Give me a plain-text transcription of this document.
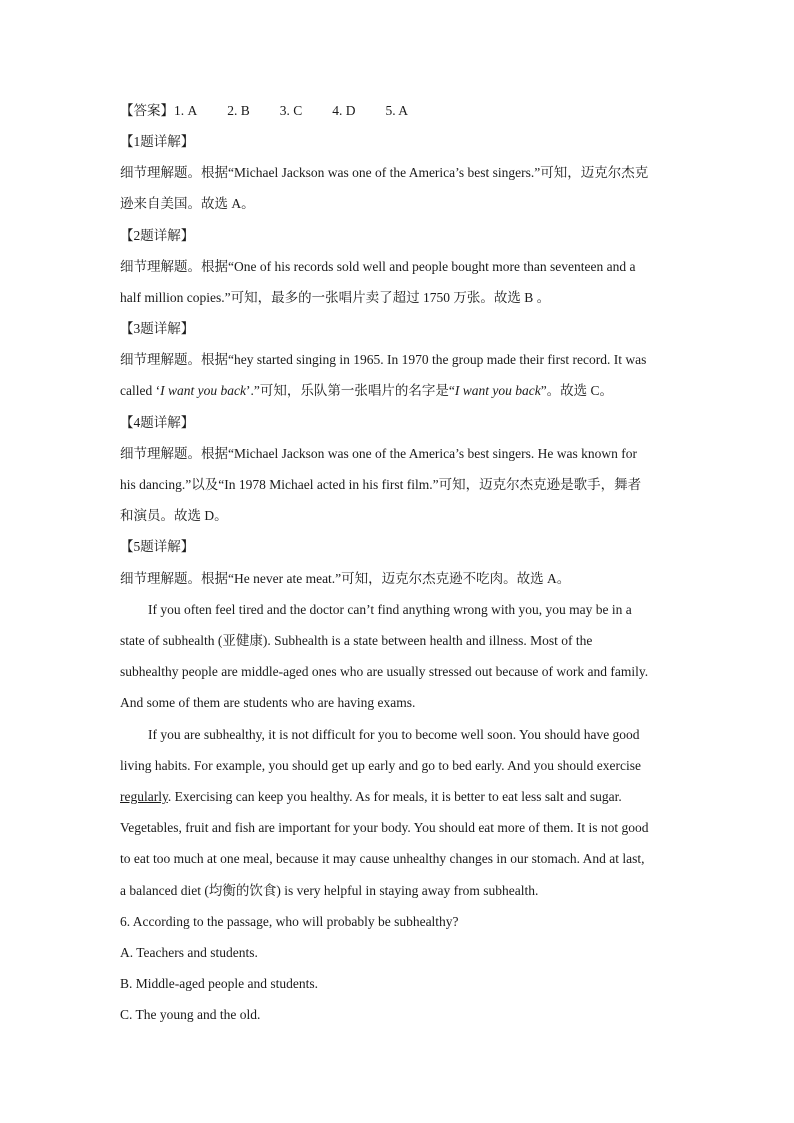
【答案】1. A 2. B 3. C 4. D 5. A
【1题详解】
细节理解题。根据“Michael Jackson was one of the America’s best singers.”可知，迈克尔杰克
逊来自美国。故选 A。
【2题详解】
细节理解题。根据“One of his records sold well and people bought more than seventeen and a
half million copies.”可知，最多的一张唱片卖了超过 1750 万张。故选 B 。
【3题详解】
细节理解题。根据“hey started singing in 1965. In 1970 the group made their first record. It was
called ‘I want you back’.”可知，乐队第一张唱片的名字是“I want you back”。故选 C。
【4题详解】
细节理解题。根据“Michael Jackson was one of the America’s best singers. He was known for
his dancing.”以及“In 1978 Michael acted in his first film.”可知，迈克尔杰克逊是歌手，舞者
和演员。故选 D。
【5题详解】
细节理解题。根据“He never ate meat.”可知，迈克尔杰克逊不吃肉。故选 A。
If you often feel tired and the doctor can’t find anything wrong with you, you may be in a
state of subhealth (亚健康). Subhealth is a state between health and illness. Most of the
subhealthy people are middle-aged ones who are usually stressed out because of work and family.
And some of them are students who are having exams.
If you are subhealthy, it is not difficult for you to become well soon. You should have good
living habits. For example, you should get up early and go to bed early. And you should exercise
regularly. Exercising can keep you healthy. As for meals, it is better to eat less salt and sugar.
Vegetables, fruit and fish are important for your body. You should eat more of them. It is not good
to eat too much at one meal, because it may cause unhealthy changes in our stomach. And at last,
a balanced diet (均衡的饮食) is very helpful in staying away from subhealth.
6. According to the passage, who will probably be subhealthy?
A. Teachers and students.
B. Middle-aged people and students.
C. The young and the old.
